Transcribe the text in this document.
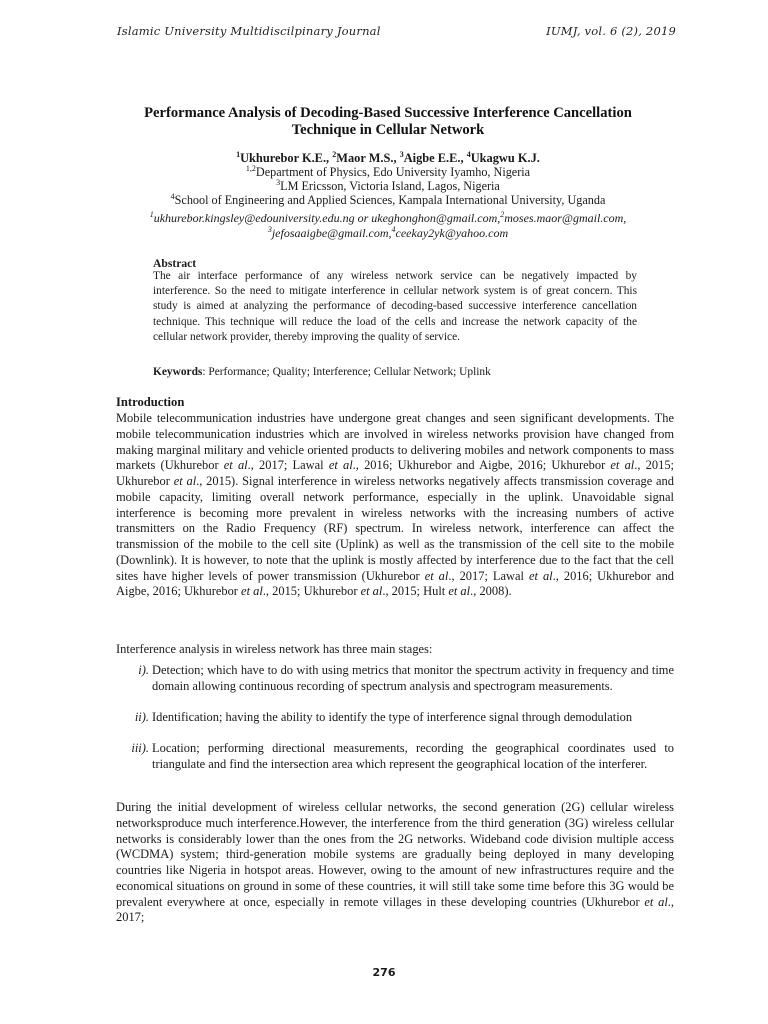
Islamic University Multidiscilpinary Journal	IUMJ, vol. 6 (2), 2019
Performance Analysis of Decoding-Based Successive Interference Cancellation
Technique in Cellular Network
$^1$Ukhurebor K.E., $^2$Maor M.S., $^3$Aigbe E.E., $^4$Ukagwu K.J.
$^{1,2}$Department of Physics, Edo University Iyamho, Nigeria
$^3$LM Ericsson, Victoria Island, Lagos, Nigeria
$^4$School of Engineering and Applied Sciences, Kampala International University, Uganda
$^1$ukhurebor.kingsley@edouniversity.edu.ng or ukeghonghon@gmail.com,$^2$moses.maor@gmail.com,
$^3$jefosaaigbe@gmail.com,$^4$ceekay2yk@yahoo.com
Abstract
The air interface performance of any wireless network service can be negatively impacted by interference. So the need to mitigate interference in cellular network system is of great concern. This study is aimed at analyzing the performance of decoding-based successive interference cancellation technique. This technique will reduce the load of the cells and increase the network capacity of the cellular network provider, thereby improving the quality of service.
Keywords: Performance; Quality; Interference; Cellular Network; Uplink
Introduction
Mobile telecommunication industries have undergone great changes and seen significant developments. The mobile telecommunication industries which are involved in wireless networks provision have changed from making marginal military and vehicle oriented products to delivering mobiles and network components to mass markets (Ukhurebor et al., 2017; Lawal et al., 2016; Ukhurebor and Aigbe, 2016; Ukhurebor et al., 2015; Ukhurebor et al., 2015). Signal interference in wireless networks negatively affects transmission coverage and mobile capacity, limiting overall network performance, especially in the uplink. Unavoidable signal interference is becoming more prevalent in wireless networks with the increasing numbers of active transmitters on the Radio Frequency (RF) spectrum. In wireless network, interference can affect the transmission of the mobile to the cell site (Uplink) as well as the transmission of the cell site to the mobile (Downlink). It is however, to note that the uplink is mostly affected by interference due to the fact that the cell sites have higher levels of power transmission (Ukhurebor et al., 2017; Lawal et al., 2016; Ukhurebor and Aigbe, 2016; Ukhurebor et al., 2015; Ukhurebor et al., 2015; Hult et al., 2008).
Interference analysis in wireless network has three main stages:
i). Detection; which have to do with using metrics that monitor the spectrum activity in frequency and time domain allowing continuous recording of spectrum analysis and spectrogram measurements.
ii). Identification; having the ability to identify the type of interference signal through demodulation
iii). Location; performing directional measurements, recording the geographical coordinates used to triangulate and find the intersection area which represent the geographical location of the interferer.
During the initial development of wireless cellular networks, the second generation (2G) cellular wireless networksproduce much interference.However, the interference from the third generation (3G) wireless cellular networks is considerably lower than the ones from the 2G networks. Wideband code division multiple access (WCDMA) system; third-generation mobile systems are gradually being deployed in many developing countries like Nigeria in hotspot areas. However, owing to the amount of new infrastructures require and the economical situations on ground in some of these countries, it will still take some time before this 3G would be prevalent everywhere at once, especially in remote villages in these developing countries (Ukhurebor et al., 2017;
276
